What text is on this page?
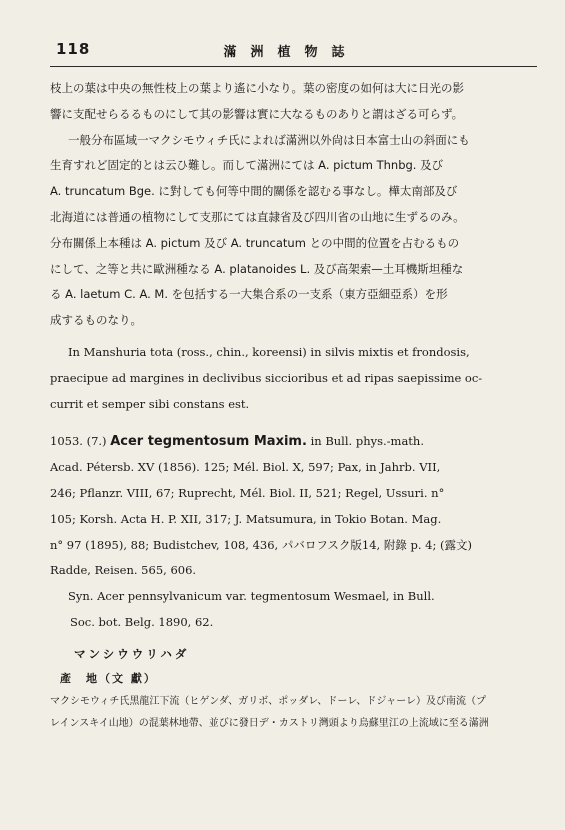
118	滿洲植物誌

枝上の葉は中央の無性枝上の葉より遙に小なり。葉の密度の如何は大に日光の影

響に支配せらるるものにして其の影響は實に大なるものありと謂はざる可らず。

一般分布區域一マクシモウィチ氏によれば滿洲以外尙は日本富士山の斜面にも

生育すれど固定的とは云ひ難し。而して滿洲にては A. pictum Thnbg. 及び

A. truncatum Bge. に對しても何等中間的關係を認むる事なし。樺太南部及び

北海道には普通の植物にして支那にては直隷省及び四川省の山地に生ずるのみ。

分布關係上本種は A. pictum 及び A. truncatum との中間的位置を占むるもの

にして、之等と共に歐洲種なる A. platanoides L. 及び高架索—土耳機斯坦種な

る A. laetum C. A. M. を包括する一大集合系の一支系（東方亞細亞系）を形

成するものなり。

In Manshuria tota (ross., chin., koreensi) in silvis mixtis et frondosis,

praecipue ad margines in declivibus siccioribus et ad ripas saepissime oc-

currit et semper sibi constans est.

1053. (7.) Acer tegmentosum Maxim. in Bull. phys.-math.

Acad. Pétersb. XV (1856). 125; Mél. Biol. X, 597; Pax, in Jahrb. VII,

246; Pflanzr. VIII, 67; Ruprecht, Mél. Biol. II, 521; Regel, Ussuri. n°

105; Korsh. Acta H. P. XII, 317; J. Matsumura, in Tokio Botan. Mag.

n° 97 (1895), 88; Budistchev, 108, 436, パバロフスク版14, 附錄 p. 4; (露文)

Radde, Reisen. 565, 606.

Syn. Acer pennsylvanicum var. tegmentosum Wesmael, in Bull.

Soc. bot. Belg. 1890, 62.

マンシウウリハダ

產　地（文 獻）

マクシモウィチ氏黑龍江下流（ヒゲンダ、ガリボ、ポッダレ、ドーレ、ドジャーレ）及び南流（プ

レインスキイ山地）の混葉林地帶、並びに發日デ・カストリ灣頭より烏蘇里江の上流域に至る滿洲
